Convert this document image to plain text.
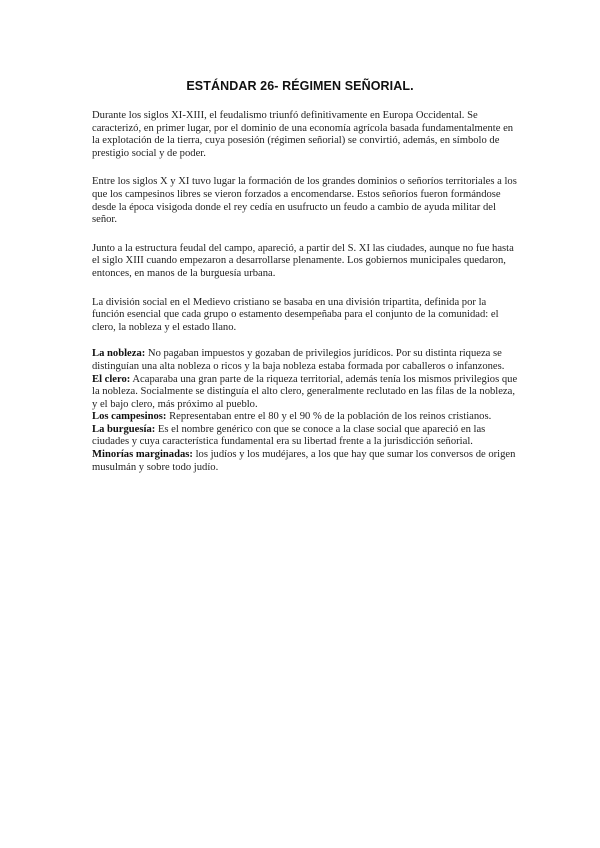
ESTÁNDAR 26- RÉGIMEN SEÑORIAL.

Durante los siglos XI-XIII, el feudalismo triunfó definitivamente en Europa Occidental. Se caracterizó, en primer lugar, por el dominio de una economía agrícola basada fundamentalmente en la explotación de la tierra, cuya posesión (régimen señorial) se convirtió, además, en símbolo de prestigio social y de poder.

Entre los siglos X y XI tuvo lugar la formación de los grandes dominios o señoríos territoriales a los que los campesinos libres se vieron forzados a encomendarse. Estos señoríos fueron formándose desde la época visigoda donde el rey cedía en usufructo un feudo a cambio de ayuda militar del señor.

Junto a la estructura feudal del campo, apareció, a partir del S. XI las ciudades, aunque no fue hasta el siglo XIII cuando empezaron a desarrollarse plenamente. Los gobiernos municipales quedaron, entonces, en manos de la burguesía urbana.

La división social en el Medievo cristiano se basaba en una división tripartita, definida por la función esencial que cada grupo o estamento desempeñaba para el conjunto de la comunidad: el clero, la nobleza y el estado llano.

La nobleza: No pagaban impuestos y gozaban de privilegios jurídicos. Por su distinta riqueza se distinguían una alta nobleza o ricos y la baja nobleza estaba formada por caballeros o infanzones.

El clero: Acaparaba una gran parte de la riqueza territorial, además tenía los mismos privilegios que la nobleza. Socialmente se distinguía el alto clero, generalmente reclutado en las filas de la nobleza, y el bajo clero, más próximo al pueblo.

Los campesinos: Representaban entre el 80 y el 90 % de la población de los reinos cristianos.

La burguesía: Es el nombre genérico con que se conoce a la clase social que apareció en las ciudades y cuya característica fundamental era su libertad frente a la jurisdicción señorial.

Minorías marginadas: los judíos y los mudéjares, a los que hay que sumar los conversos de origen musulmán y sobre todo judío.
